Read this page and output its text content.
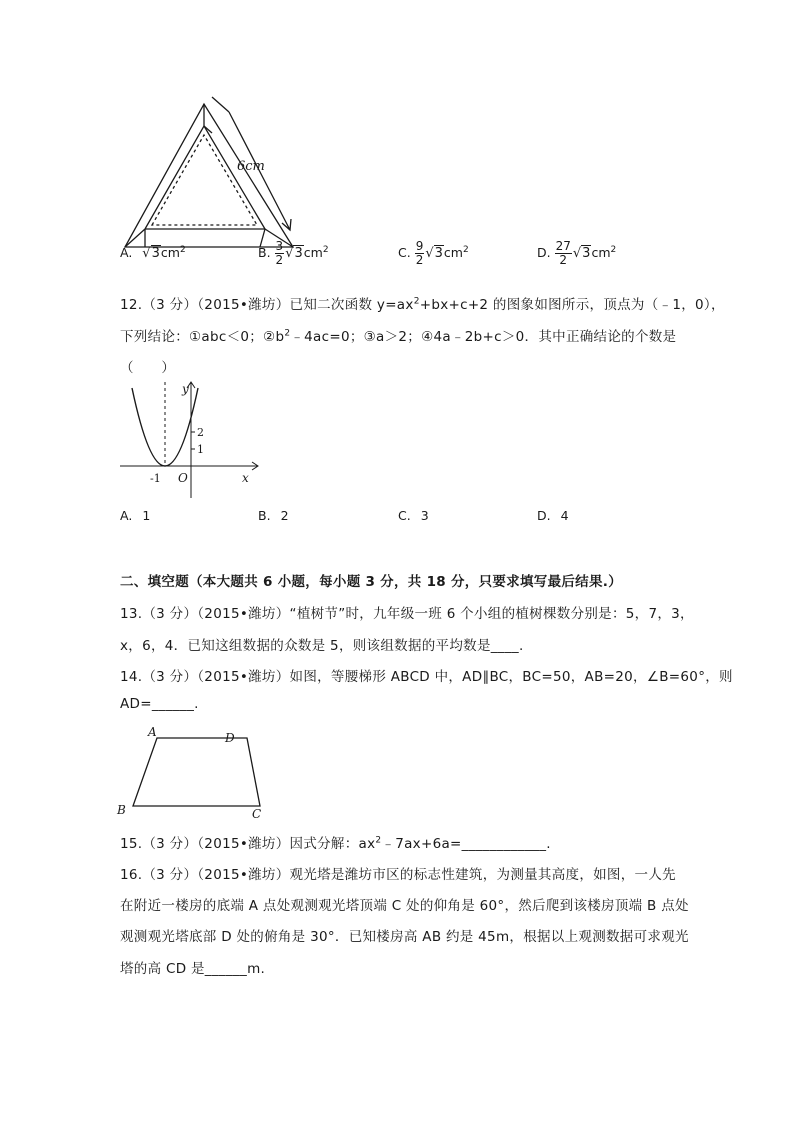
6cm
A. $√3cm^2$	B. $\frac{3}{2} √3cm^2$	C. $\frac{9}{2} √3cm^2$	D. $\frac{27}{2} √3cm^2$
12.（3 分）（2015•潍坊）已知二次函数 $y=ax^2+bx+c+2$ 的图象如图所示，顶点为（﹣1，0），
下列结论：①abc＜0；$②b^2﹣4ac=0$；③a＞2；④4a﹣2b+c＞0．其中正确结论的个数是
（　　）
y
x
O
-1
2
1
A. 1	B. 2	C. 3	D. 4
二、填空题（本大题共 6 小题，每小题 3 分，共 18 分，只要求填写最后结果.）
13.（3 分）（2015•潍坊）“植树节”时，九年级一班 6 个小组的植树棵数分别是：5，7，3，
x，6，4．已知这组数据的众数是 5，则该组数据的平均数是____.
14.（3 分）（2015•潍坊）如图，等腰梯形 ABCD 中，AD∥BC，BC=50，AB=20，∠B=60°，则
AD=______.
A	D
B	C
15.（3 分）（2015•潍坊）因式分解：$ax^2﹣7ax+6a=\_\_\_\_\_\_\_\_\_\_\_\_$.
16.（3 分）（2015•潍坊）观光塔是潍坊市区的标志性建筑，为测量其高度，如图，一人先
在附近一楼房的底端 A 点处观测观光塔顶端 C 处的仰角是 60°，然后爬到该楼房顶端 B 点处
观测观光塔底部 D 处的俯角是 30°．已知楼房高 AB 约是 45m，根据以上观测数据可求观光
塔的高 CD 是______m.
